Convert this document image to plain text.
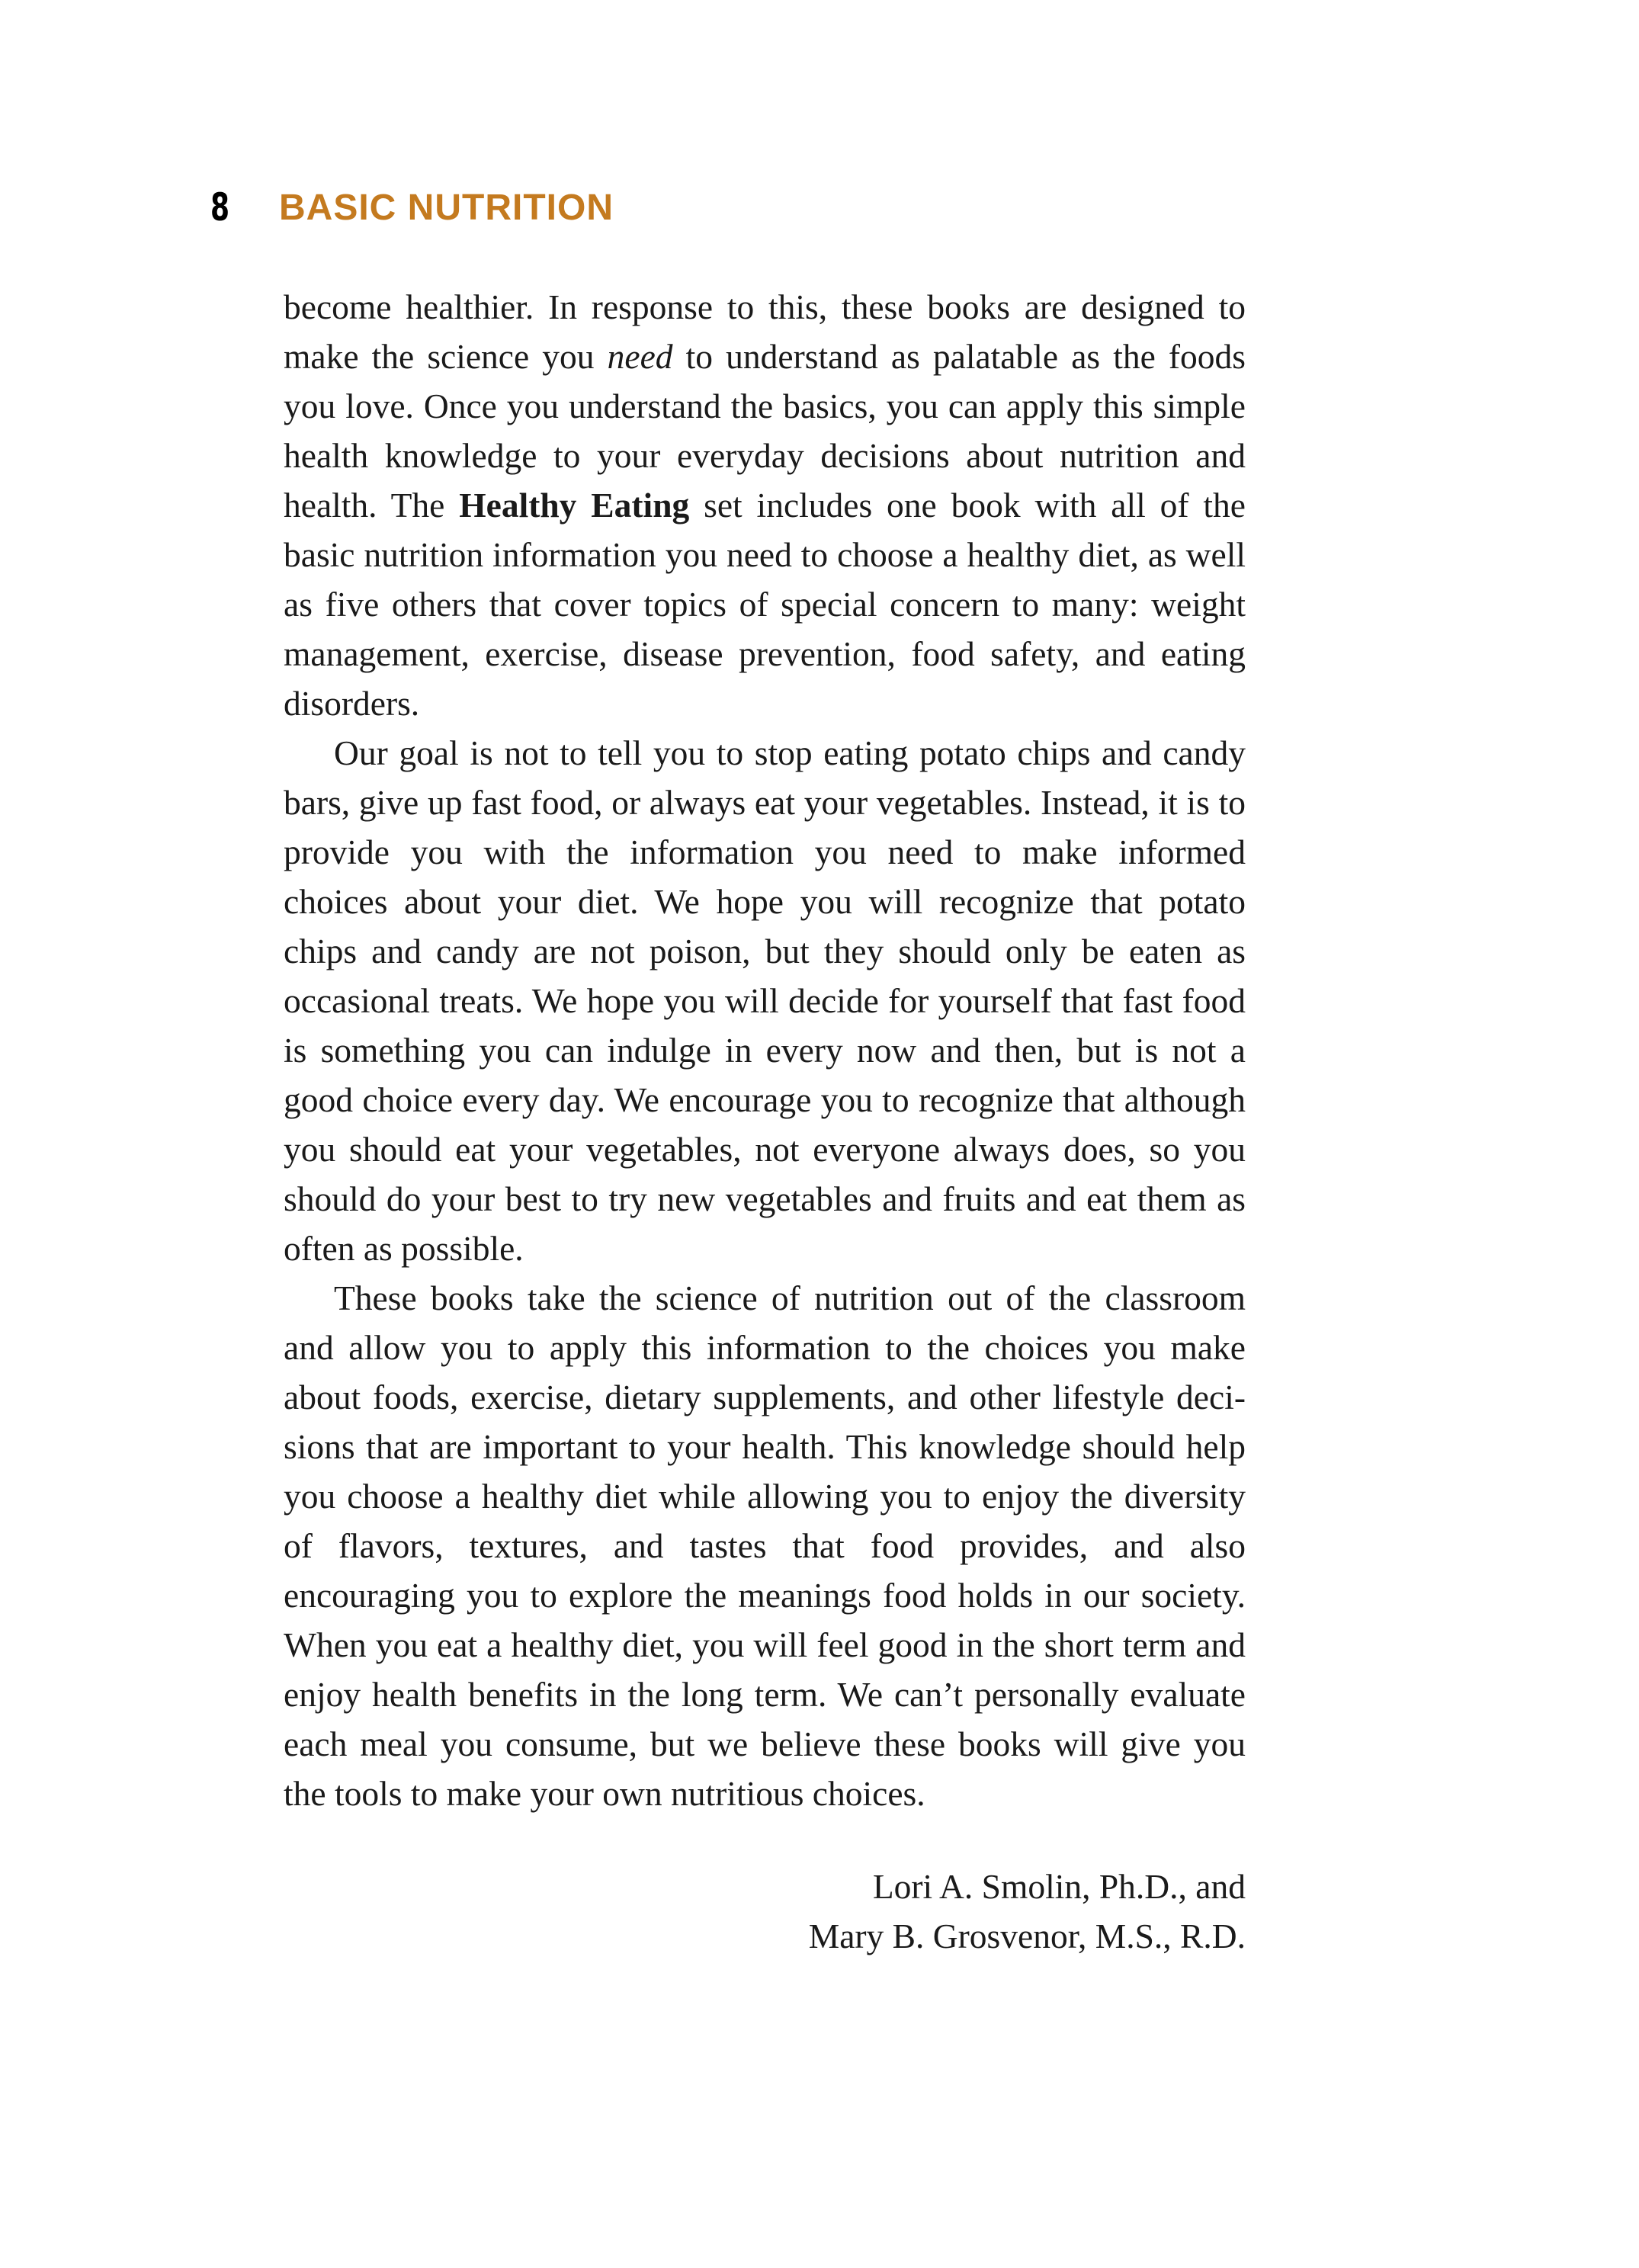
8	BASIC NUTRITION

become healthier. In response to this, these books are designed to make the science you need to understand as palatable as the foods you love. Once you understand the basics, you can apply this simple health knowledge to your everyday decisions about nutrition and health. The Healthy Eating set includes one book with all of the basic nutrition information you need to choose a healthy diet, as well as five others that cover topics of special concern to many: weight management, exercise, disease prevention, food safety, and eating disorders.

Our goal is not to tell you to stop eating potato chips and candy bars, give up fast food, or always eat your vegetables. Instead, it is to provide you with the information you need to make informed choices about your diet. We hope you will recognize that potato chips and candy are not poison, but they should only be eaten as occasional treats. We hope you will decide for yourself that fast food is something you can indulge in every now and then, but is not a good choice every day. We encourage you to recognize that although you should eat your vegetables, not everyone always does, so you should do your best to try new vegetables and fruits and eat them as often as possible.

These books take the science of nutrition out of the classroom and allow you to apply this information to the choices you make about foods, exercise, dietary supplements, and other lifestyle decisions that are important to your health. This knowledge should help you choose a healthy diet while allowing you to enjoy the diversity of flavors, textures, and tastes that food provides, and also encouraging you to explore the meanings food holds in our society. When you eat a healthy diet, you will feel good in the short term and enjoy health benefits in the long term. We can’t personally evaluate each meal you consume, but we believe these books will give you the tools to make your own nutritious choices.

Lori A. Smolin, Ph.D., and
Mary B. Grosvenor, M.S., R.D.
